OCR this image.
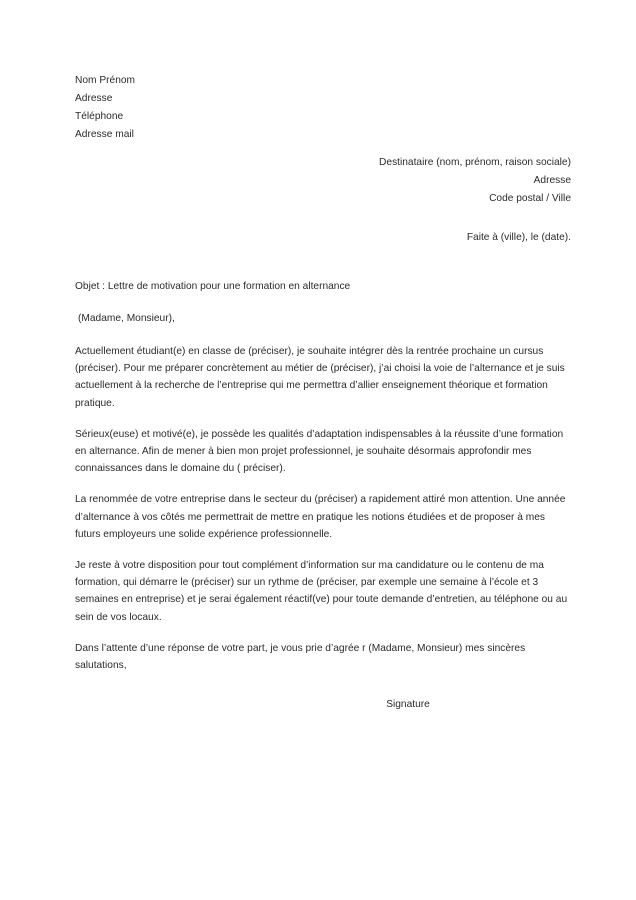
Nom Prénom
Adresse
Téléphone
Adresse mail
Destinataire (nom, prénom, raison sociale)
Adresse
Code postal / Ville
Faite à (ville), le (date).
Objet : Lettre de motivation pour une formation en alternance
(Madame, Monsieur),

Actuellement étudiant(e) en classe de (préciser), je souhaite intégrer dès la rentrée prochaine un cursus (préciser). Pour me préparer concrètement au métier de (préciser), j’ai choisi la voie de l’alternance et je suis actuellement à la recherche de l’entreprise qui me permettra d’allier enseignement théorique et formation pratique.

Sérieux(euse) et motivé(e), je possède les qualités d’adaptation indispensables à la réussite d’une formation en alternance. Afin de mener à bien mon projet professionnel, je souhaite désormais approfondir mes connaissances dans le domaine du ( préciser).

La renommée de votre entreprise dans le secteur du (préciser) a rapidement attiré mon attention. Une année d’alternance à vos côtés me permettrait de mettre en pratique les notions étudiées et de proposer à mes futurs employeurs une solide expérience professionnelle.

Je reste à votre disposition pour tout complément d’information sur ma candidature ou le contenu de ma formation, qui démarre le (préciser) sur un rythme de (préciser, par exemple une semaine à l’école et 3 semaines en entreprise) et je serai également réactif(ve) pour toute demande d’entretien, au téléphone ou au sein de vos locaux.

Dans l’attente d’une réponse de votre part, je vous prie d’agrée r (Madame, Monsieur) mes sincères salutations,

Signature
